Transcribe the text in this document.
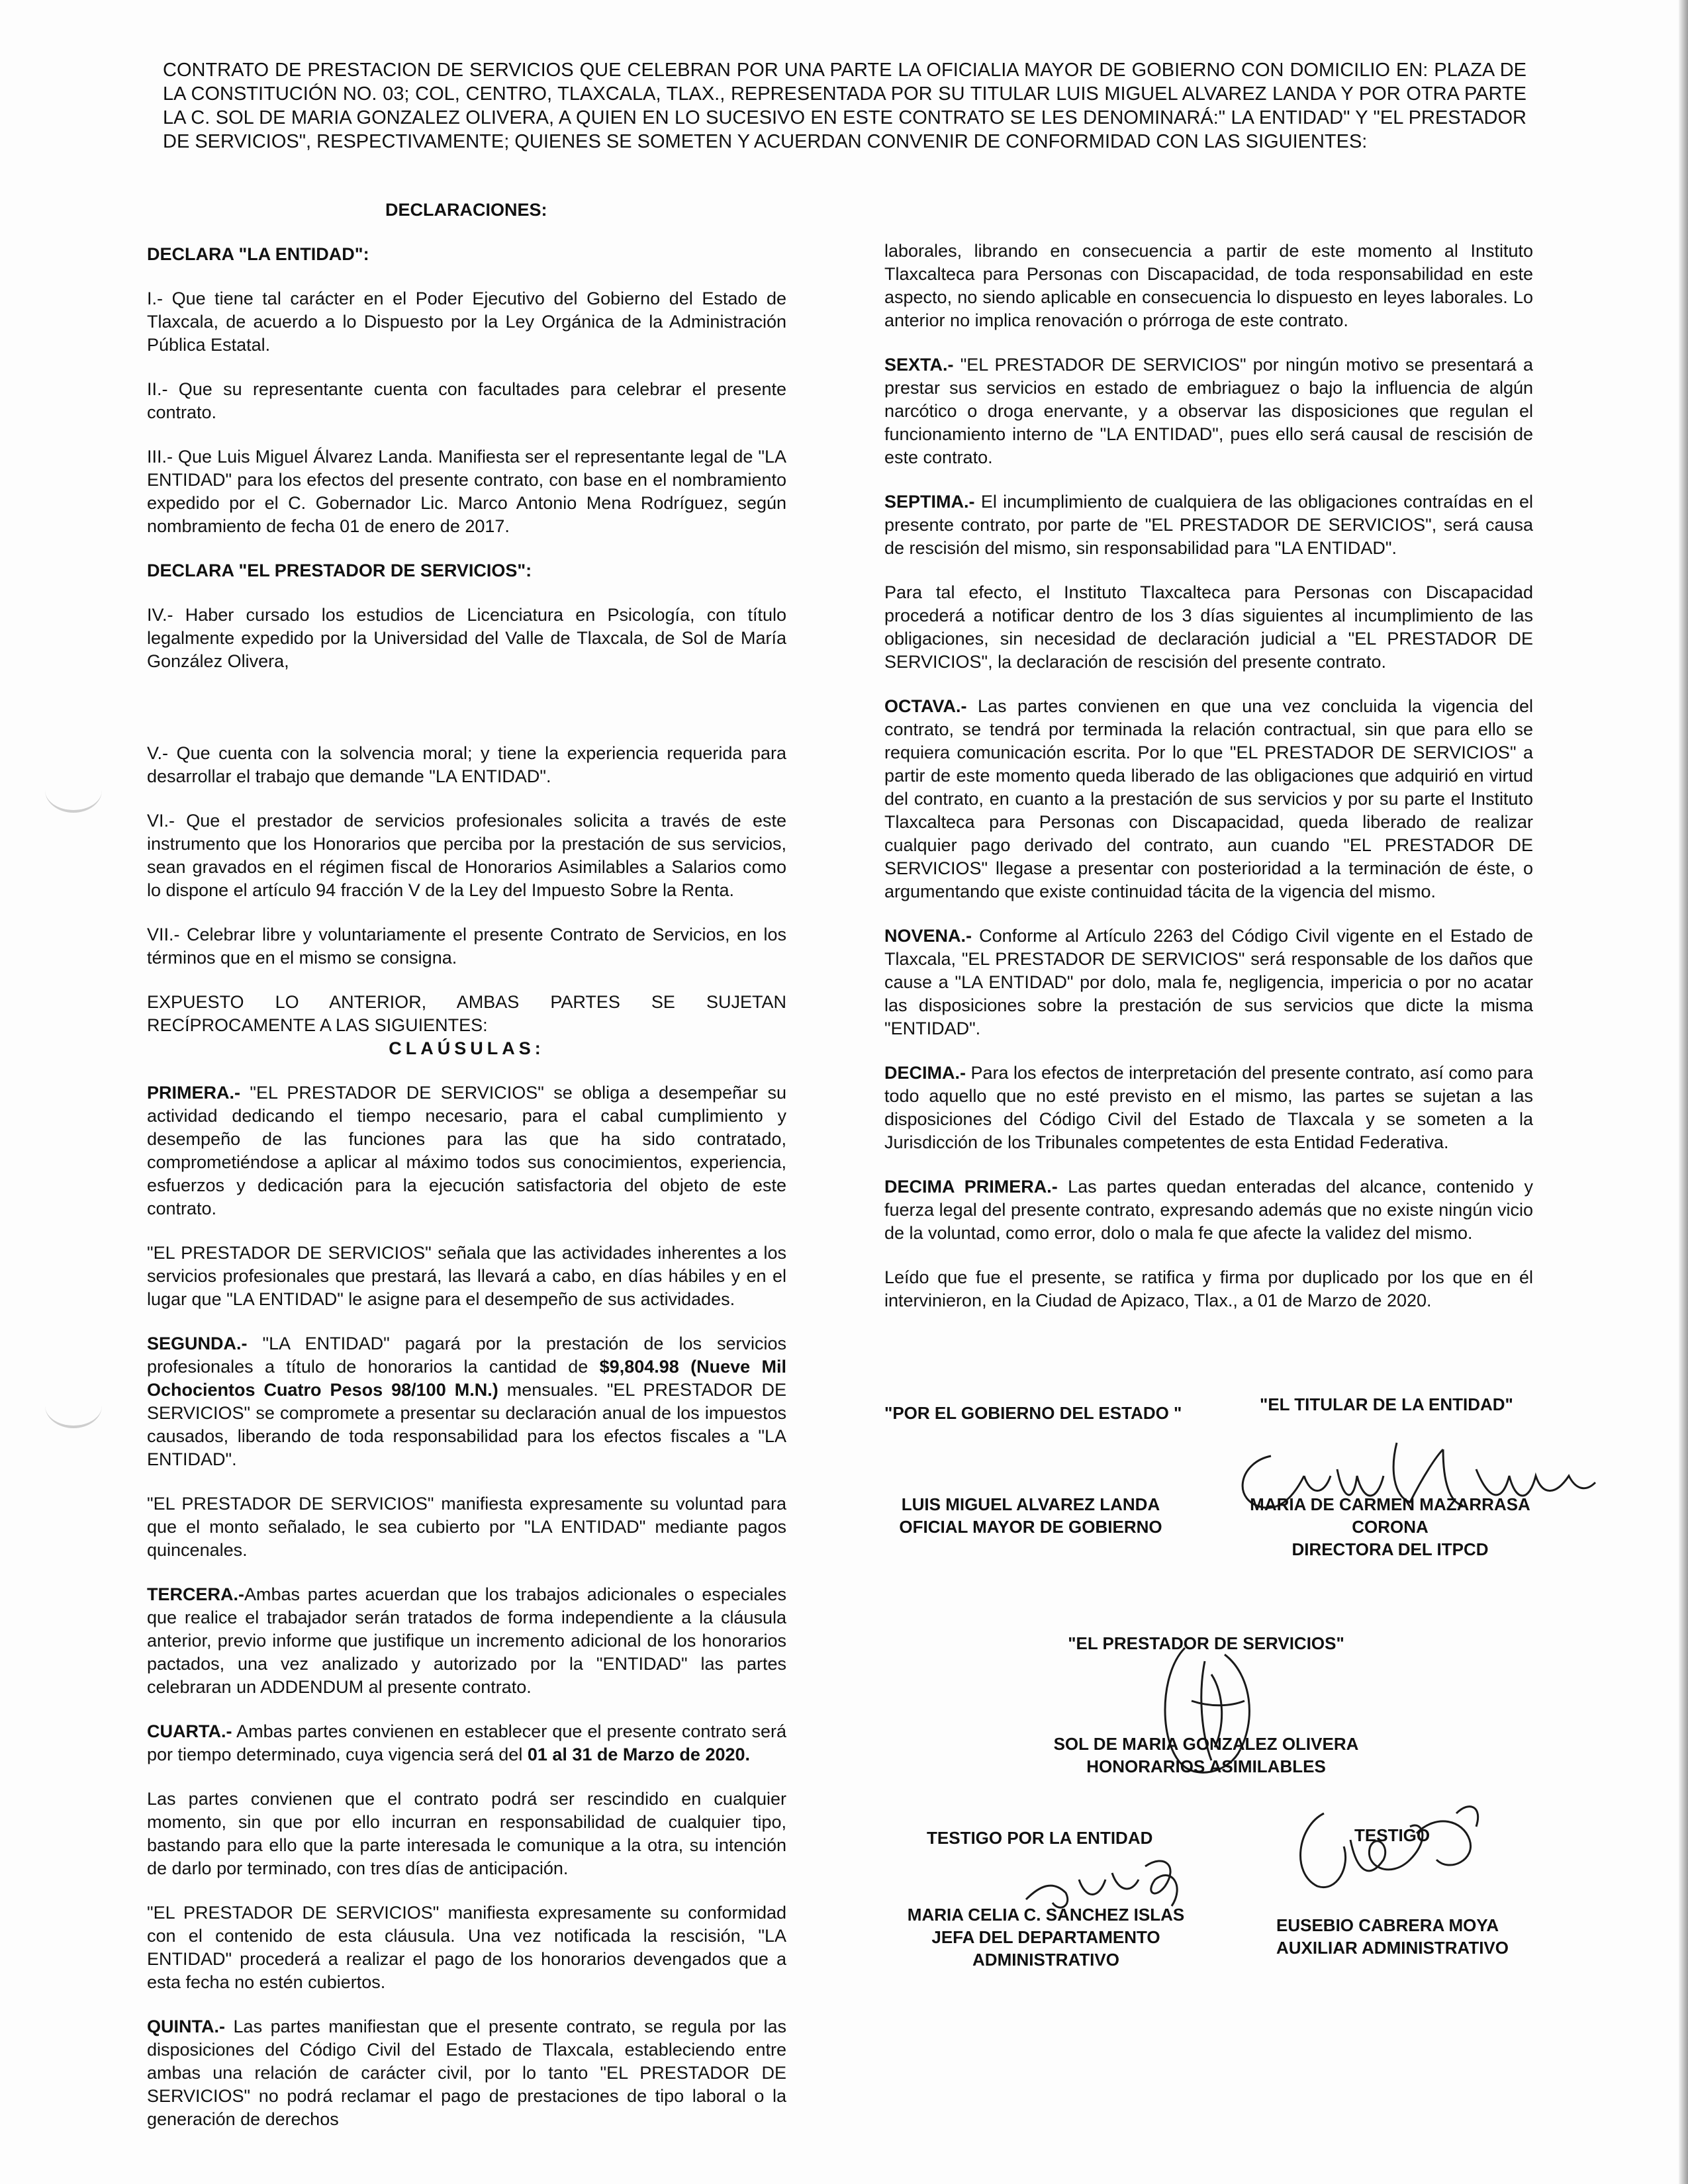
CONTRATO DE PRESTACION DE SERVICIOS QUE CELEBRAN POR UNA PARTE LA OFICIALIA MAYOR DE GOBIERNO CON DOMICILIO EN: PLAZA DE LA CONSTITUCIÓN NO. 03; COL, CENTRO, TLAXCALA, TLAX., REPRESENTADA POR SU TITULAR LUIS MIGUEL ALVAREZ LANDA Y POR OTRA PARTE LA C. SOL DE MARIA GONZALEZ OLIVERA, A QUIEN EN LO SUCESIVO EN ESTE CONTRATO SE LES DENOMINARÁ:" LA ENTIDAD" Y "EL PRESTADOR DE SERVICIOS", RESPECTIVAMENTE; QUIENES SE SOMETEN Y ACUERDAN CONVENIR DE CONFORMIDAD CON LAS SIGUIENTES:

DECLARACIONES:

DECLARA "LA ENTIDAD":

I.- Que tiene tal carácter en el Poder Ejecutivo del Gobierno del Estado de Tlaxcala, de acuerdo a lo Dispuesto por la Ley Orgánica de la Administración Pública Estatal.

II.- Que su representante cuenta con facultades para celebrar el presente contrato.

III.- Que Luis Miguel Álvarez Landa. Manifiesta ser el representante legal de "LA ENTIDAD" para los efectos del presente contrato, con base en el nombramiento expedido por el C. Gobernador Lic. Marco Antonio Mena Rodríguez, según nombramiento de fecha 01 de enero de 2017.

DECLARA "EL PRESTADOR DE SERVICIOS":

IV.- Haber cursado los estudios de Licenciatura en Psicología, con título legalmente expedido por la Universidad del Valle de Tlaxcala, de Sol de María González Olivera,

V.- Que cuenta con la solvencia moral; y tiene la experiencia requerida para desarrollar el trabajo que demande "LA ENTIDAD".

VI.- Que el prestador de servicios profesionales solicita a través de este instrumento que los Honorarios que perciba por la prestación de sus servicios, sean gravados en el régimen fiscal de Honorarios Asimilables a Salarios como lo dispone el artículo 94 fracción V de la Ley del Impuesto Sobre la Renta.

VII.- Celebrar libre y voluntariamente el presente Contrato de Servicios, en los términos que en el mismo se consigna.

EXPUESTO LO ANTERIOR, AMBAS PARTES SE SUJETAN RECÍPROCAMENTE A LAS SIGUIENTES:

CLAÚSULAS:

PRIMERA.- "EL PRESTADOR DE SERVICIOS" se obliga a desempeñar su actividad dedicando el tiempo necesario, para el cabal cumplimiento y desempeño de las funciones para las que ha sido contratado, comprometiéndose a aplicar al máximo todos sus conocimientos, experiencia, esfuerzos y dedicación para la ejecución satisfactoria del objeto de este contrato.

"EL PRESTADOR DE SERVICIOS" señala que las actividades inherentes a los servicios profesionales que prestará, las llevará a cabo, en días hábiles y en el lugar que "LA ENTIDAD" le asigne para el desempeño de sus actividades.

SEGUNDA.- "LA ENTIDAD" pagará por la prestación de los servicios profesionales a título de honorarios la cantidad de $9,804.98 (Nueve Mil Ochocientos Cuatro Pesos 98/100 M.N.) mensuales. "EL PRESTADOR DE SERVICIOS" se compromete a presentar su declaración anual de los impuestos causados, liberando de toda responsabilidad para los efectos fiscales a "LA ENTIDAD".

"EL PRESTADOR DE SERVICIOS" manifiesta expresamente su voluntad para que el monto señalado, le sea cubierto por "LA ENTIDAD" mediante pagos quincenales.

TERCERA.-Ambas partes acuerdan que los trabajos adicionales o especiales que realice el trabajador serán tratados de forma independiente a la cláusula anterior, previo informe que justifique un incremento adicional de los honorarios pactados, una vez analizado y autorizado por la "ENTIDAD" las partes celebraran un ADDENDUM al presente contrato.

CUARTA.- Ambas partes convienen en establecer que el presente contrato será por tiempo determinado, cuya vigencia será del 01 al 31 de Marzo de 2020.

Las partes convienen que el contrato podrá ser rescindido en cualquier momento, sin que por ello incurran en responsabilidad de cualquier tipo, bastando para ello que la parte interesada le comunique a la otra, su intención de darlo por terminado, con tres días de anticipación.

"EL PRESTADOR DE SERVICIOS" manifiesta expresamente su conformidad con el contenido de esta cláusula. Una vez notificada la rescisión, "LA ENTIDAD" procederá a realizar el pago de los honorarios devengados que a esta fecha no estén cubiertos.

QUINTA.- Las partes manifiestan que el presente contrato, se regula por las disposiciones del Código Civil del Estado de Tlaxcala, estableciendo entre ambas una relación de carácter civil, por lo tanto "EL PRESTADOR DE SERVICIOS" no podrá reclamar el pago de prestaciones de tipo laboral o la generación de derechos

laborales, librando en consecuencia a partir de este momento al Instituto Tlaxcalteca para Personas con Discapacidad, de toda responsabilidad en este aspecto, no siendo aplicable en consecuencia lo dispuesto en leyes laborales. Lo anterior no implica renovación o prórroga de este contrato.

SEXTA.- "EL PRESTADOR DE SERVICIOS" por ningún motivo se presentará a prestar sus servicios en estado de embriaguez o bajo la influencia de algún narcótico o droga enervante, y a observar las disposiciones que regulan el funcionamiento interno de "LA ENTIDAD", pues ello será causal de rescisión de este contrato.

SEPTIMA.- El incumplimiento de cualquiera de las obligaciones contraídas en el presente contrato, por parte de "EL PRESTADOR DE SERVICIOS", será causa de rescisión del mismo, sin responsabilidad para "LA ENTIDAD".

Para tal efecto, el Instituto Tlaxcalteca para Personas con Discapacidad procederá a notificar dentro de los 3 días siguientes al incumplimiento de las obligaciones, sin necesidad de declaración judicial a "EL PRESTADOR DE SERVICIOS", la declaración de rescisión del presente contrato.

OCTAVA.- Las partes convienen en que una vez concluida la vigencia del contrato, se tendrá por terminada la relación contractual, sin que para ello se requiera comunicación escrita. Por lo que "EL PRESTADOR DE SERVICIOS" a partir de este momento queda liberado de las obligaciones que adquirió en virtud del contrato, en cuanto a la prestación de sus servicios y por su parte el Instituto Tlaxcalteca para Personas con Discapacidad, queda liberado de realizar cualquier pago derivado del contrato, aun cuando "EL PRESTADOR DE SERVICIOS" llegase a presentar con posterioridad a la terminación de éste, o argumentando que existe continuidad tácita de la vigencia del mismo.

NOVENA.- Conforme al Artículo 2263 del Código Civil vigente en el Estado de Tlaxcala, "EL PRESTADOR DE SERVICIOS" será responsable de los daños que cause a "LA ENTIDAD" por dolo, mala fe, negligencia, impericia o por no acatar las disposiciones sobre la prestación de sus servicios que dicte la misma "ENTIDAD".

DECIMA.- Para los efectos de interpretación del presente contrato, así como para todo aquello que no esté previsto en el mismo, las partes se sujetan a las disposiciones del Código Civil del Estado de Tlaxcala y se someten a la Jurisdicción de los Tribunales competentes de esta Entidad Federativa.

DECIMA PRIMERA.- Las partes quedan enteradas del alcance, contenido y fuerza legal del presente contrato, expresando además que no existe ningún vicio de la voluntad, como error, dolo o mala fe que afecte la validez del mismo.

Leído que fue el presente, se ratifica y firma por duplicado por los que en él intervinieron, en la Ciudad de Apizaco, Tlax., a 01 de Marzo de 2020.

"POR EL GOBIERNO DEL ESTADO "	"EL TITULAR DE LA ENTIDAD"
LUIS MIGUEL ALVAREZ LANDA
OFICIAL MAYOR DE GOBIERNO
MARIA DE CARMEN MAZARRASA
CORONA
DIRECTORA DEL ITPCD
"EL PRESTADOR DE SERVICIOS"
SOL DE MARIA GONZALEZ OLIVERA
HONORARIOS ASIMILABLES
TESTIGO POR LA ENTIDAD
MARIA CELIA C. SÁNCHEZ ISLAS
JEFA DEL DEPARTAMENTO
ADMINISTRATIVO
TESTIGO
EUSEBIO CABRERA MOYA
AUXILIAR ADMINISTRATIVO
